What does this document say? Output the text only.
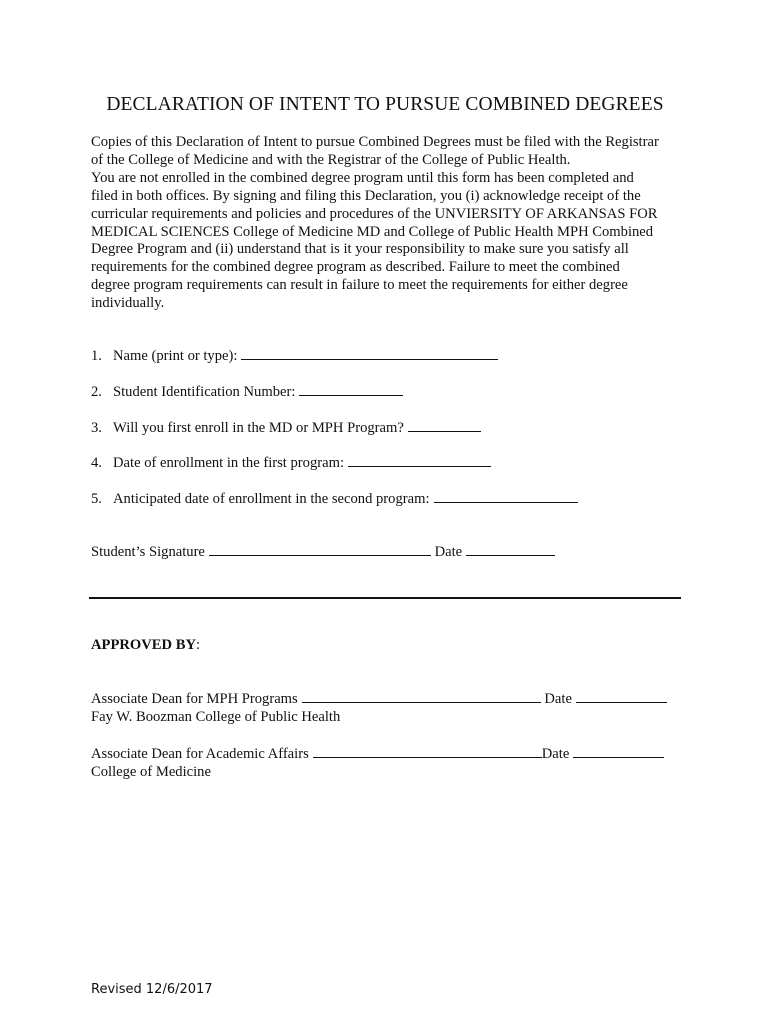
DECLARATION OF INTENT TO PURSUE COMBINED DEGREES
Copies of this Declaration of Intent to pursue Combined Degrees must be filed with the Registrar
of the College of Medicine and with the Registrar of the College of Public Health.
You are not enrolled in the combined degree program until this form has been completed and
filed in both offices. By signing and filing this Declaration, you (i) acknowledge receipt of the
curricular requirements and policies and procedures of the UNVIERSITY OF ARKANSAS FOR
MEDICAL SCIENCES College of Medicine MD and College of Public Health MPH Combined
Degree Program and (ii) understand that is it your responsibility to make sure you satisfy all
requirements for the combined degree program as described. Failure to meet the combined
degree program requirements can result in failure to meet the requirements for either degree
individually.
1. Name (print or type):
2. Student Identification Number:
3. Will you first enroll in the MD or MPH Program?
4. Date of enrollment in the first program:
5. Anticipated date of enrollment in the second program:
Student’s Signature	Date
APPROVED BY:
Associate Dean for MPH Programs	Date
Fay W. Boozman College of Public Health
Associate Dean for Academic Affairs	Date
College of Medicine
Revised 12/6/2017
